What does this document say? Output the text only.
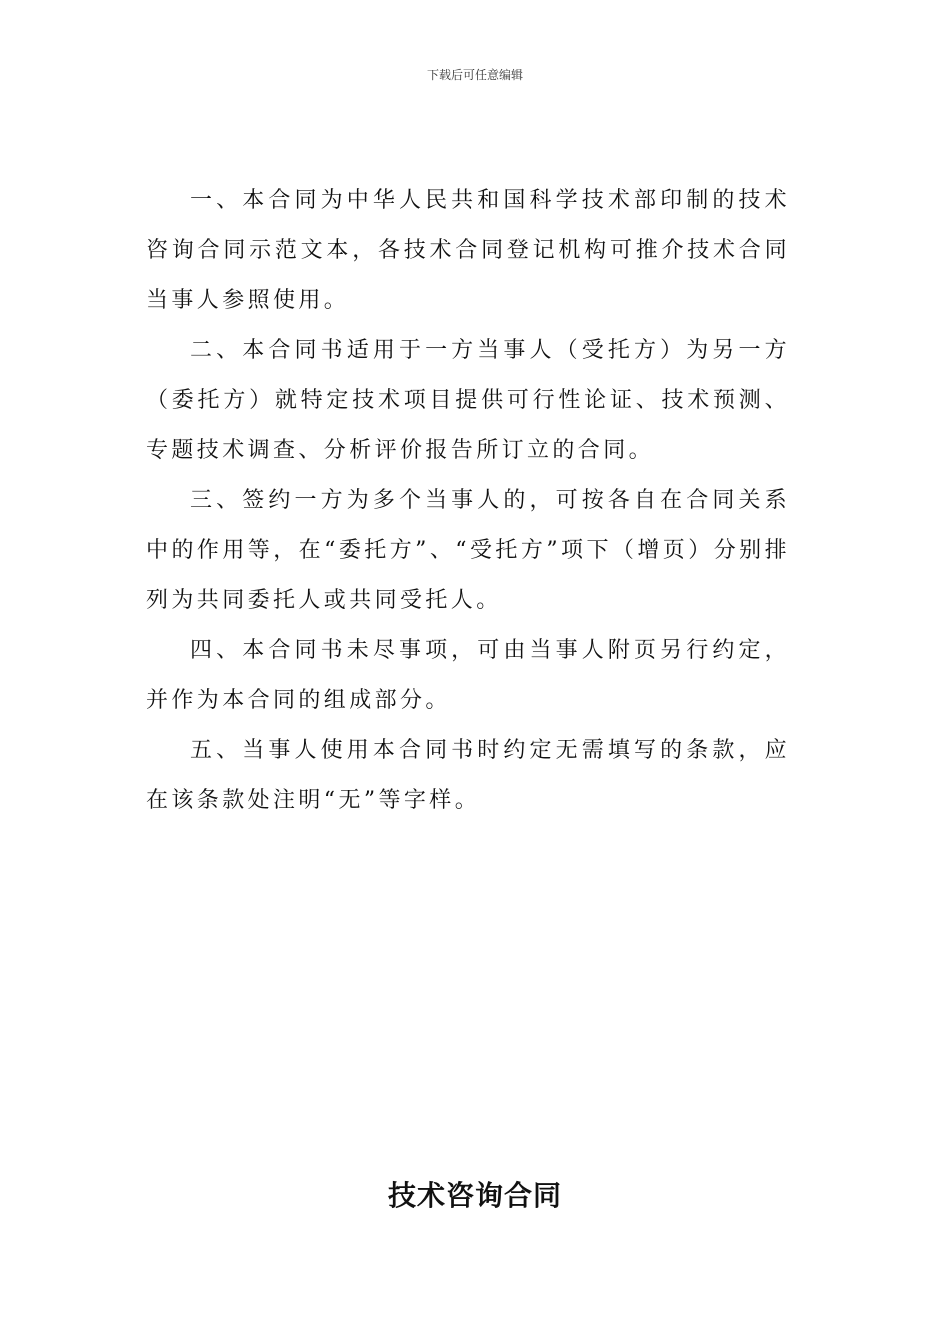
下载后可任意编辑

一、本合同为中华人民共和国科学技术部印制的技术咨询合同示范文本，各技术合同登记机构可推介技术合同当事人参照使用。

二、本合同书适用于一方当事人（受托方）为另一方（委托方）就特定技术项目提供可行性论证、技术预测、专题技术调查、分析评价报告所订立的合同。

三、签约一方为多个当事人的，可按各自在合同关系中的作用等，在“委托方”、“受托方”项下（增页）分别排列为共同委托人或共同受托人。

四、本合同书未尽事项，可由当事人附页另行约定，并作为本合同的组成部分。

五、当事人使用本合同书时约定无需填写的条款，应在该条款处注明“无”等字样。

技术咨询合同
